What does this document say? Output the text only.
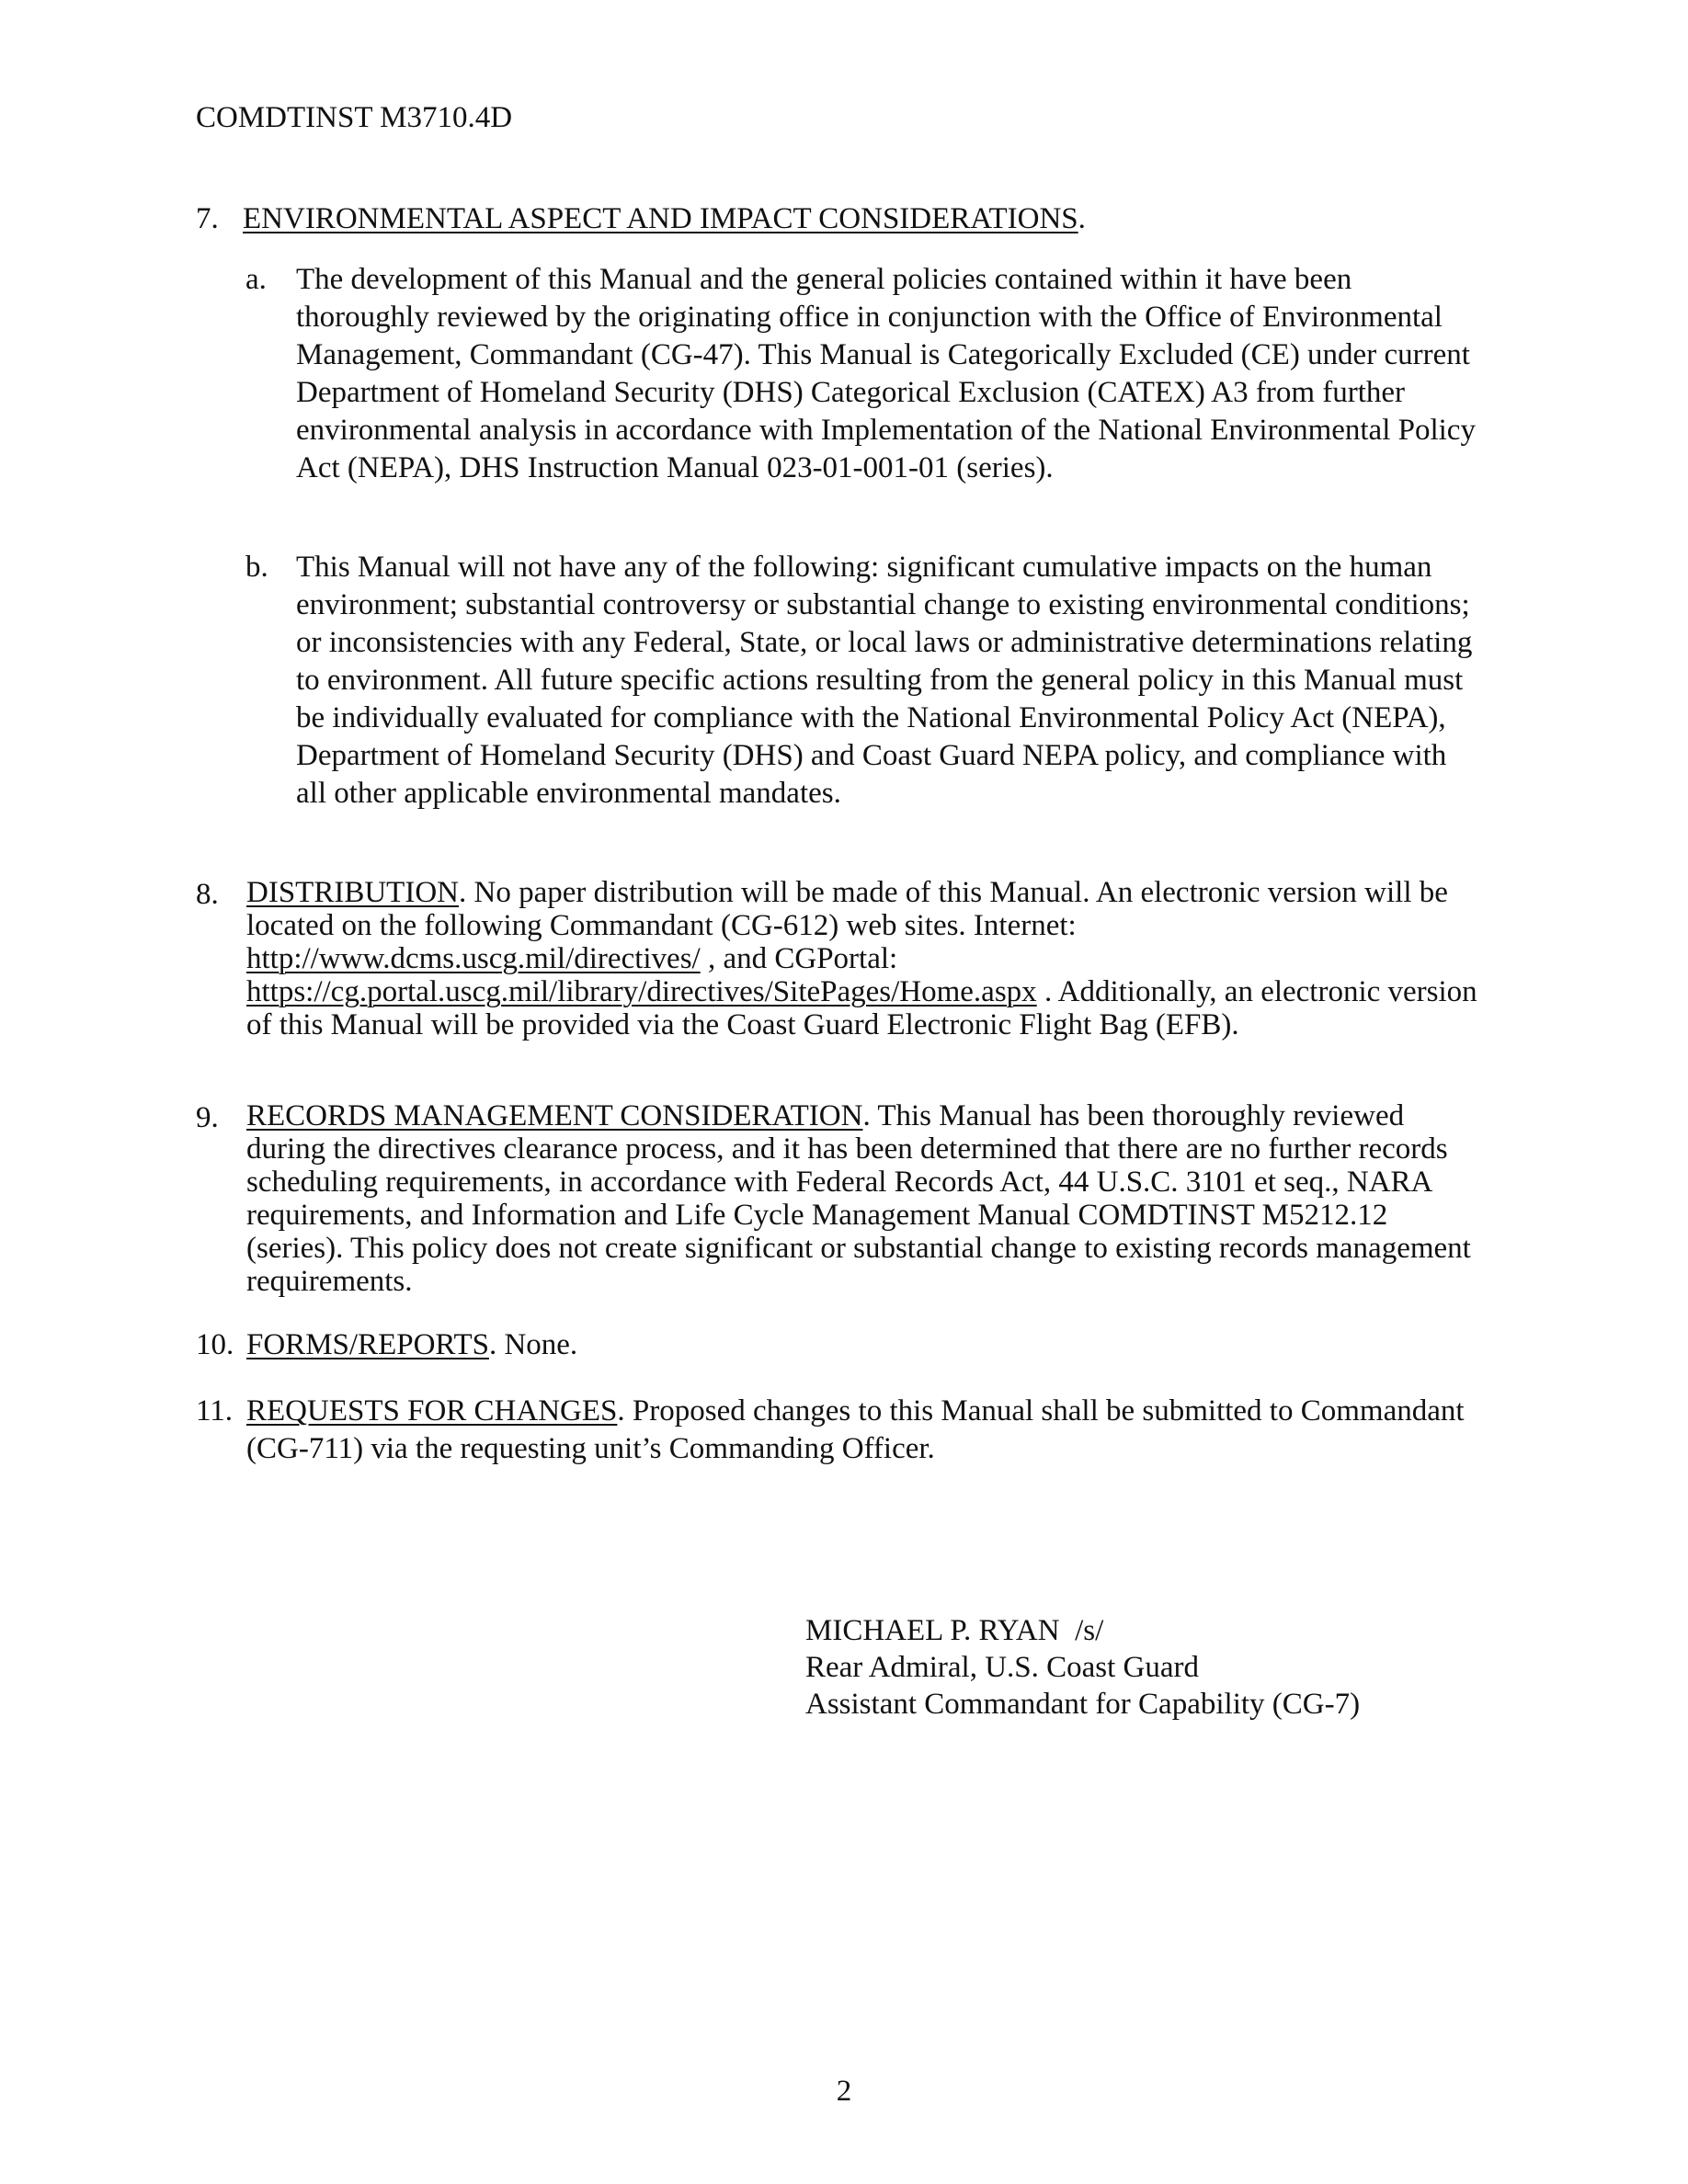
COMDTINST M3710.4D
7. ENVIRONMENTAL ASPECT AND IMPACT CONSIDERATIONS.
a. The development of this Manual and the general policies contained within it have been thoroughly reviewed by the originating office in conjunction with the Office of Environmental Management, Commandant (CG-47). This Manual is Categorically Excluded (CE) under current Department of Homeland Security (DHS) Categorical Exclusion (CATEX) A3 from further environmental analysis in accordance with Implementation of the National Environmental Policy Act (NEPA), DHS Instruction Manual 023-01-001-01 (series).
b. This Manual will not have any of the following: significant cumulative impacts on the human environment; substantial controversy or substantial change to existing environmental conditions; or inconsistencies with any Federal, State, or local laws or administrative determinations relating to environment. All future specific actions resulting from the general policy in this Manual must be individually evaluated for compliance with the National Environmental Policy Act (NEPA), Department of Homeland Security (DHS) and Coast Guard NEPA policy, and compliance with all other applicable environmental mandates.
8. DISTRIBUTION. No paper distribution will be made of this Manual. An electronic version will be located on the following Commandant (CG-612) web sites. Internet: http://www.dcms.uscg.mil/directives/ , and CGPortal: https://cg.portal.uscg.mil/library/directives/SitePages/Home.aspx . Additionally, an electronic version of this Manual will be provided via the Coast Guard Electronic Flight Bag (EFB).
9. RECORDS MANAGEMENT CONSIDERATION. This Manual has been thoroughly reviewed during the directives clearance process, and it has been determined that there are no further records scheduling requirements, in accordance with Federal Records Act, 44 U.S.C. 3101 et seq., NARA requirements, and Information and Life Cycle Management Manual COMDTINST M5212.12 (series). This policy does not create significant or substantial change to existing records management requirements.
10. FORMS/REPORTS. None.
11. REQUESTS FOR CHANGES. Proposed changes to this Manual shall be submitted to Commandant (CG-711) via the requesting unit’s Commanding Officer.
MICHAEL P. RYAN  /s/
Rear Admiral, U.S. Coast Guard
Assistant Commandant for Capability (CG-7)
2
